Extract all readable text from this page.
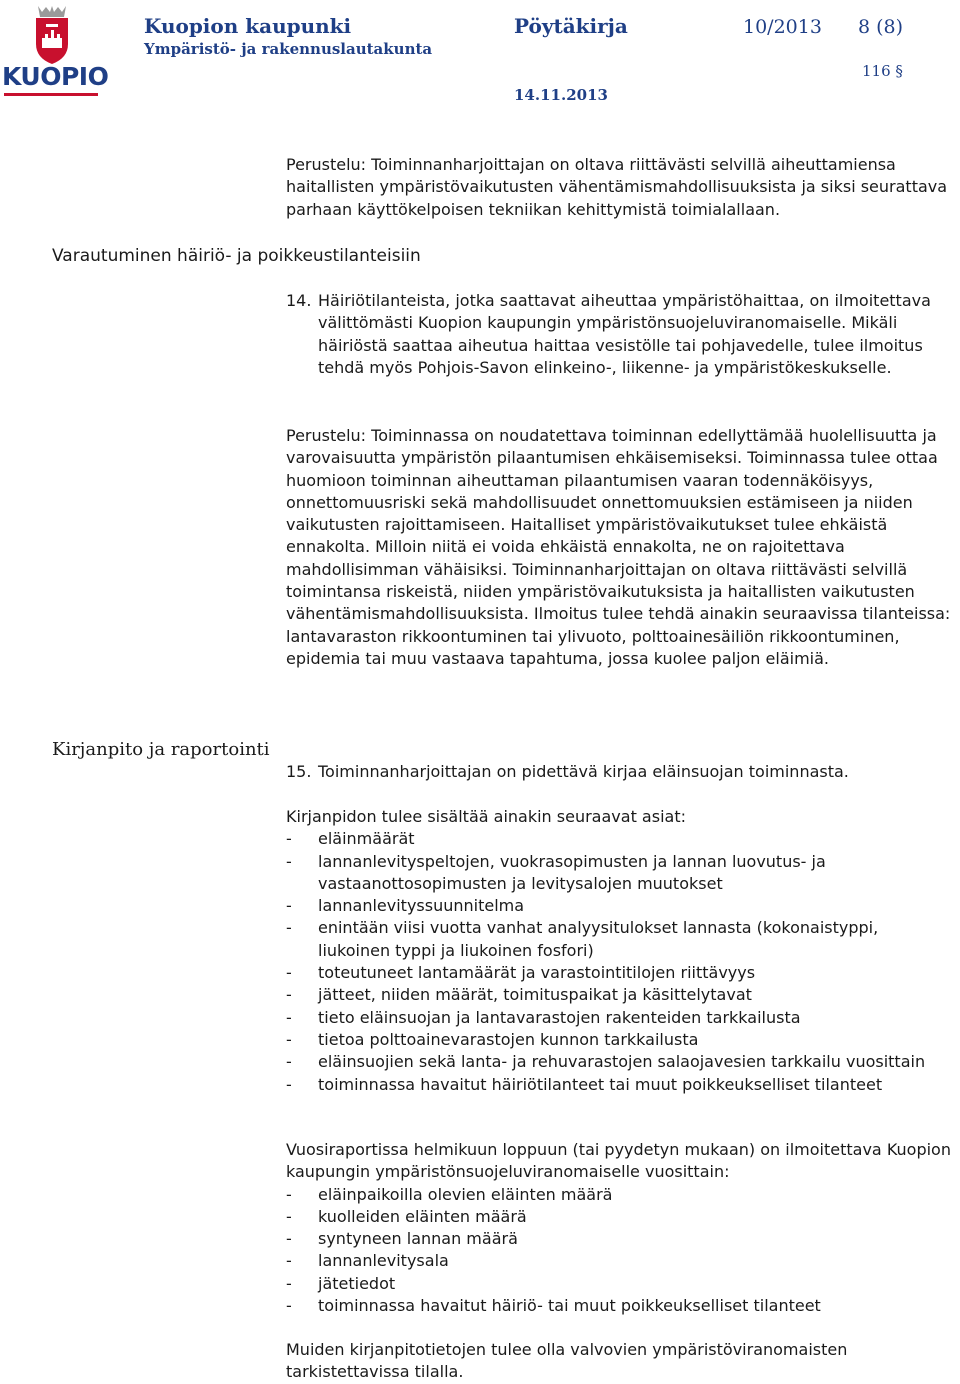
KUOPIO
Kuopion kaupunki
Ympäristö- ja rakennuslautakunta
Pöytäkirja	10/2013 8 (8)
116 §
14.11.2013
Varautuminen häiriö- ja poikkeustilanteisiin
Kirjanpito ja raportointi
Perustelu: Toiminnanharjoittajan on oltava riittävästi selvillä aiheuttamiensa haitallisten ympäristövaikutusten vähentämismahdollisuuksista ja siksi seurattava parhaan käyttökelpoisen tekniikan kehittymistä toimialallaan.
14. Häiriötilanteista, jotka saattavat aiheuttaa ympäristöhaittaa, on ilmoitettava välittömästi Kuopion kaupungin ympäristönsuojeluviranomaiselle. Mikäli häiriöstä saattaa aiheutua haittaa vesistölle tai pohjavedelle, tulee ilmoitus tehdä myös Pohjois-Savon elinkeino-, liikenne- ja ympäristökeskukselle.
Perustelu: Toiminnassa on noudatettava toiminnan edellyttämää huolellisuutta ja varovaisuutta ympäristön pilaantumisen ehkäisemiseksi. Toiminnassa tulee ottaa huomioon toiminnan aiheuttaman pilaantumisen vaaran todennäköisyys, onnettomuusriski sekä mahdollisuudet onnettomuuksien estämiseen ja niiden vaikutusten rajoittamiseen. Haitalliset ympäristövaikutukset tulee ehkäistä ennakolta. Milloin niitä ei voida ehkäistä ennakolta, ne on rajoitettava mahdollisimman vähäisiksi. Toiminnanharjoittajan on oltava riittävästi selvillä toimintansa riskeistä, niiden ympäristövaikutuksista ja haitallisten vaikutusten vähentämismahdollisuuksista. Ilmoitus tulee tehdä ainakin seuraavissa tilanteissa: lantavaraston rikkoontuminen tai ylivuoto, polttoainesäiliön rikkoontuminen, epidemia tai muu vastaava tapahtuma, jossa kuolee paljon eläimiä.
15. Toiminnanharjoittajan on pidettävä kirjaa eläinsuojan toiminnasta.
Kirjanpidon tulee sisältää ainakin seuraavat asiat:
-	eläinmäärät
-	lannanlevityspeltojen, vuokrasopimusten ja lannan luovutus- ja vastaanottosopimusten ja levitysalojen muutokset
-	lannanlevityssuunnitelma
-	enintään viisi vuotta vanhat analyysitulokset lannasta (kokonaistyppi, liukoinen typpi ja liukoinen fosfori)
-	toteutuneet lantamäärät ja varastointitilojen riittävyys
-	jätteet, niiden määrät, toimituspaikat ja käsittelytavat
-	tieto eläinsuojan ja lantavarastojen rakenteiden tarkkailusta
-	tietoa polttoainevarastojen kunnon tarkkailusta
-	eläinsuojien sekä lanta- ja rehuvarastojen salaojavesien tarkkailu vuosittain
-	toiminnassa havaitut häiriötilanteet tai muut poikkeukselliset tilanteet
Vuosiraportissa helmikuun loppuun (tai pyydetyn mukaan) on ilmoitettava Kuopion kaupungin ympäristönsuojeluviranomaiselle vuosittain:
-	eläinpaikoilla olevien eläinten määrä
-	kuolleiden eläinten määrä
-	syntyneen lannan määrä
-	lannanlevitysala
-	jätetiedot
-	toiminnassa havaitut häiriö- tai muut poikkeukselliset tilanteet
Muiden kirjanpitotietojen tulee olla valvovien ympäristöviranomaisten tarkistettavissa tilalla.
